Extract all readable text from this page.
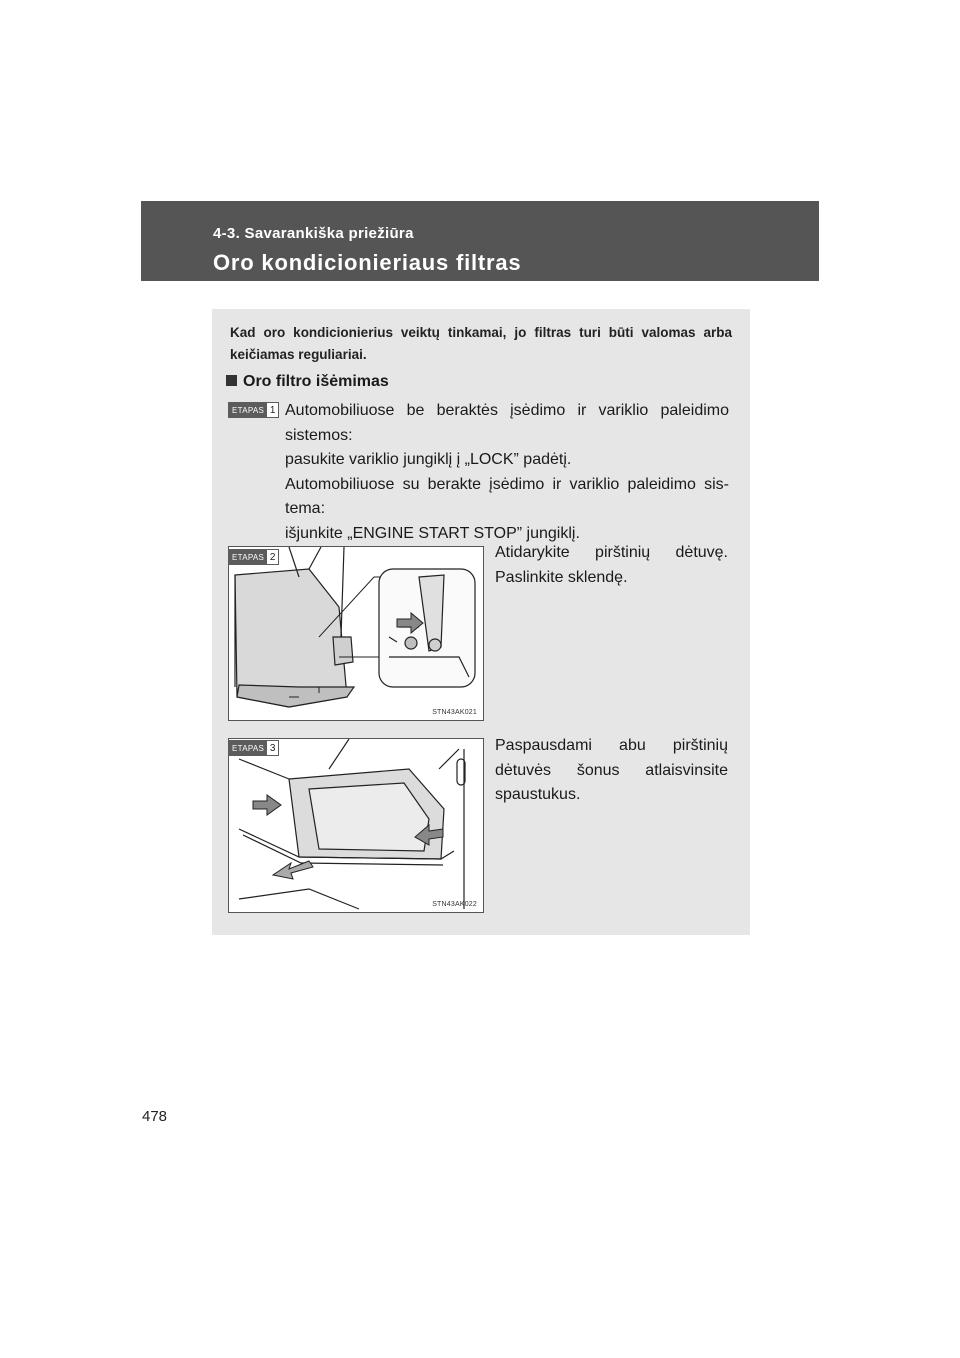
4-3. Savarankiška priežiūra
Oro kondicionieriaus filtras
Kad oro kondicionierius veiktų tinkamai, jo filtras turi būti valomas arba keičiamas reguliariai.
Oro filtro išėmimas
ETAPAS 1 Automobiliuose be beraktės įsėdimo ir variklio paleidimo sistemos:

pasukite variklio jungiklį į „LOCK” padėtį.

Automobiliuose su berakte įsėdimo ir variklio paleidimo sis-tema:

išjunkite „ENGINE START STOP” jungiklį.

STN43AK021
ETAPAS 2	Atidarykite pirštinių dėtuvę. Paslinkite sklendę.
STN43AK022
ETAPAS 3	Paspausdami abu pirštinių dėtuvės šonus atlaisvinsite spaustukus.
478
